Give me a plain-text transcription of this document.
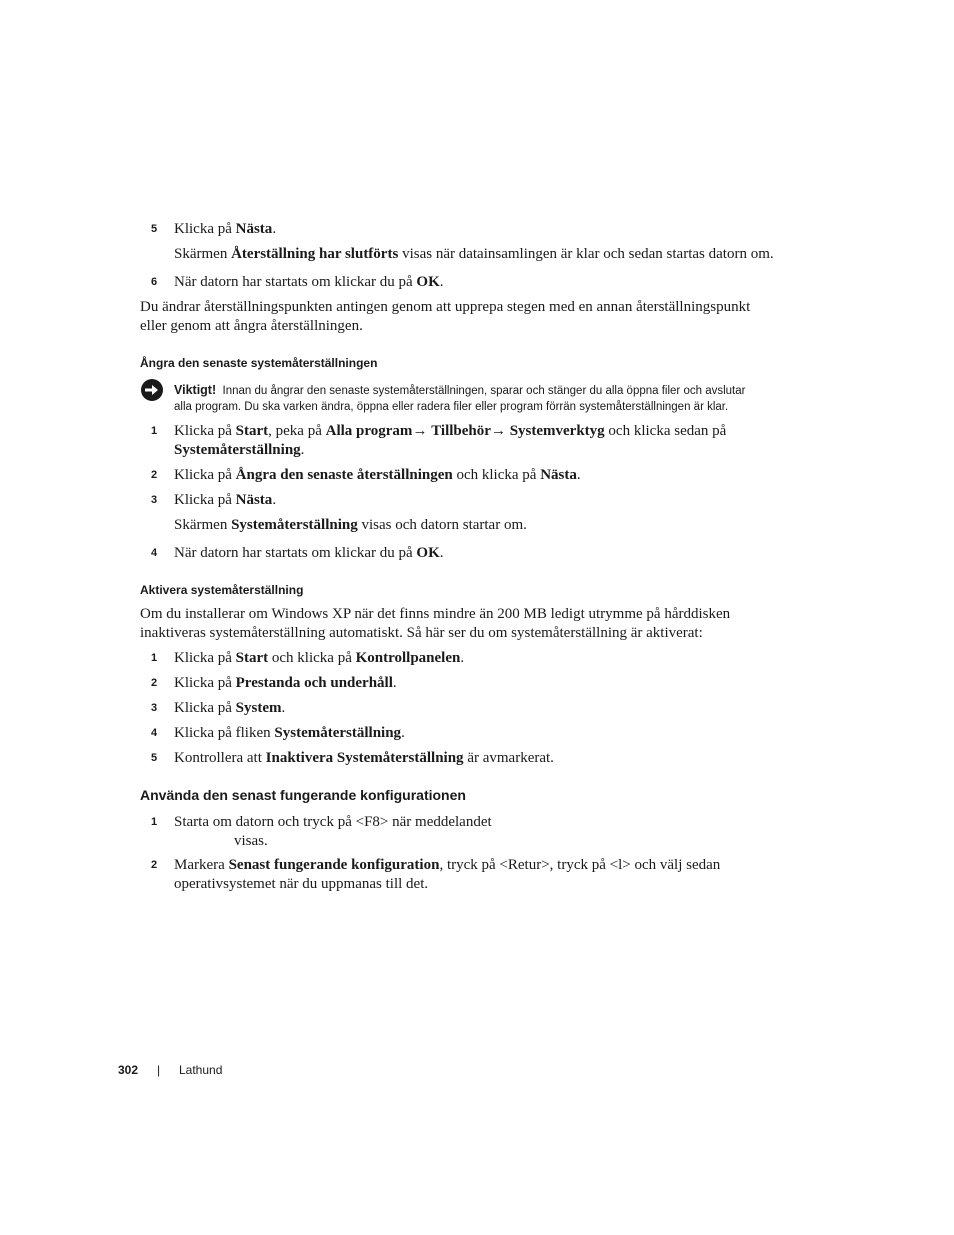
5 Klicka på Nästa.
Skärmen Återställning har slutförts visas när datainsamlingen är klar och sedan startas datorn om.
6 När datorn har startats om klickar du på OK.
Du ändrar återställningspunkten antingen genom att upprepa stegen med en annan återställningspunkt
eller genom att ångra återställningen.
Ångra den senaste systemåterställningen
Viktigt! Innan du ångrar den senaste systemåterställningen, sparar och stänger du alla öppna filer och avslutar
alla program. Du ska varken ändra, öppna eller radera filer eller program förrän systemåterställningen är klar.
1 Klicka på Start, peka på Alla program→ Tillbehör→ Systemverktyg och klicka sedan på
Systemåterställning.
2 Klicka på Ångra den senaste återställningen och klicka på Nästa.
3 Klicka på Nästa.
Skärmen Systemåterställning visas och datorn startar om.
4 När datorn har startats om klickar du på OK.
Aktivera systemåterställning
Om du installerar om Windows XP när det finns mindre än 200 MB ledigt utrymme på hårddisken
inaktiveras systemåterställning automatiskt. Så här ser du om systemåterställning är aktiverat:
1 Klicka på Start och klicka på Kontrollpanelen.
2 Klicka på Prestanda och underhåll.
3 Klicka på System.
4 Klicka på fliken Systemåterställning.
5 Kontrollera att Inaktivera Systemåterställning är avmarkerat.
Använda den senast fungerande konfigurationen
1 Starta om datorn och tryck på <F8> när meddelandet
visas.
2 Markera Senast fungerande konfiguration, tryck på <Retur>, tryck på <l> och välj sedan
operativsystemet när du uppmanas till det.
302 | Lathund
